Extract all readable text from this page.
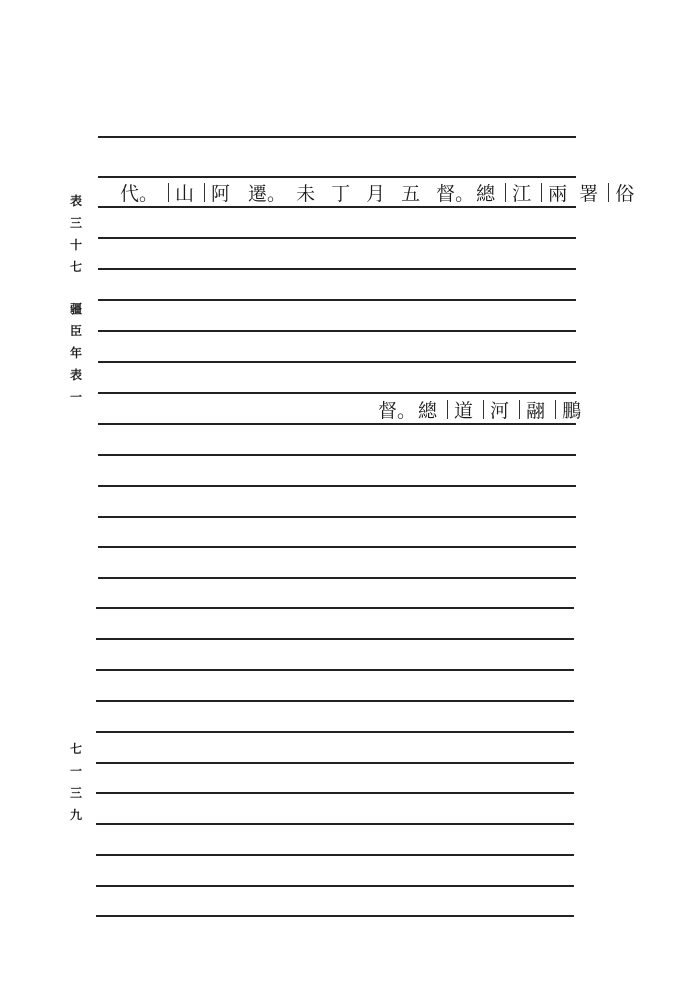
表
三
十
七
疆
臣
年
表
一
七
一
三
九
代。 山 阿 遷。 未 丁 月 五 督。 總 江 兩 署 俗
督。 總 道 河 翮 鵬
